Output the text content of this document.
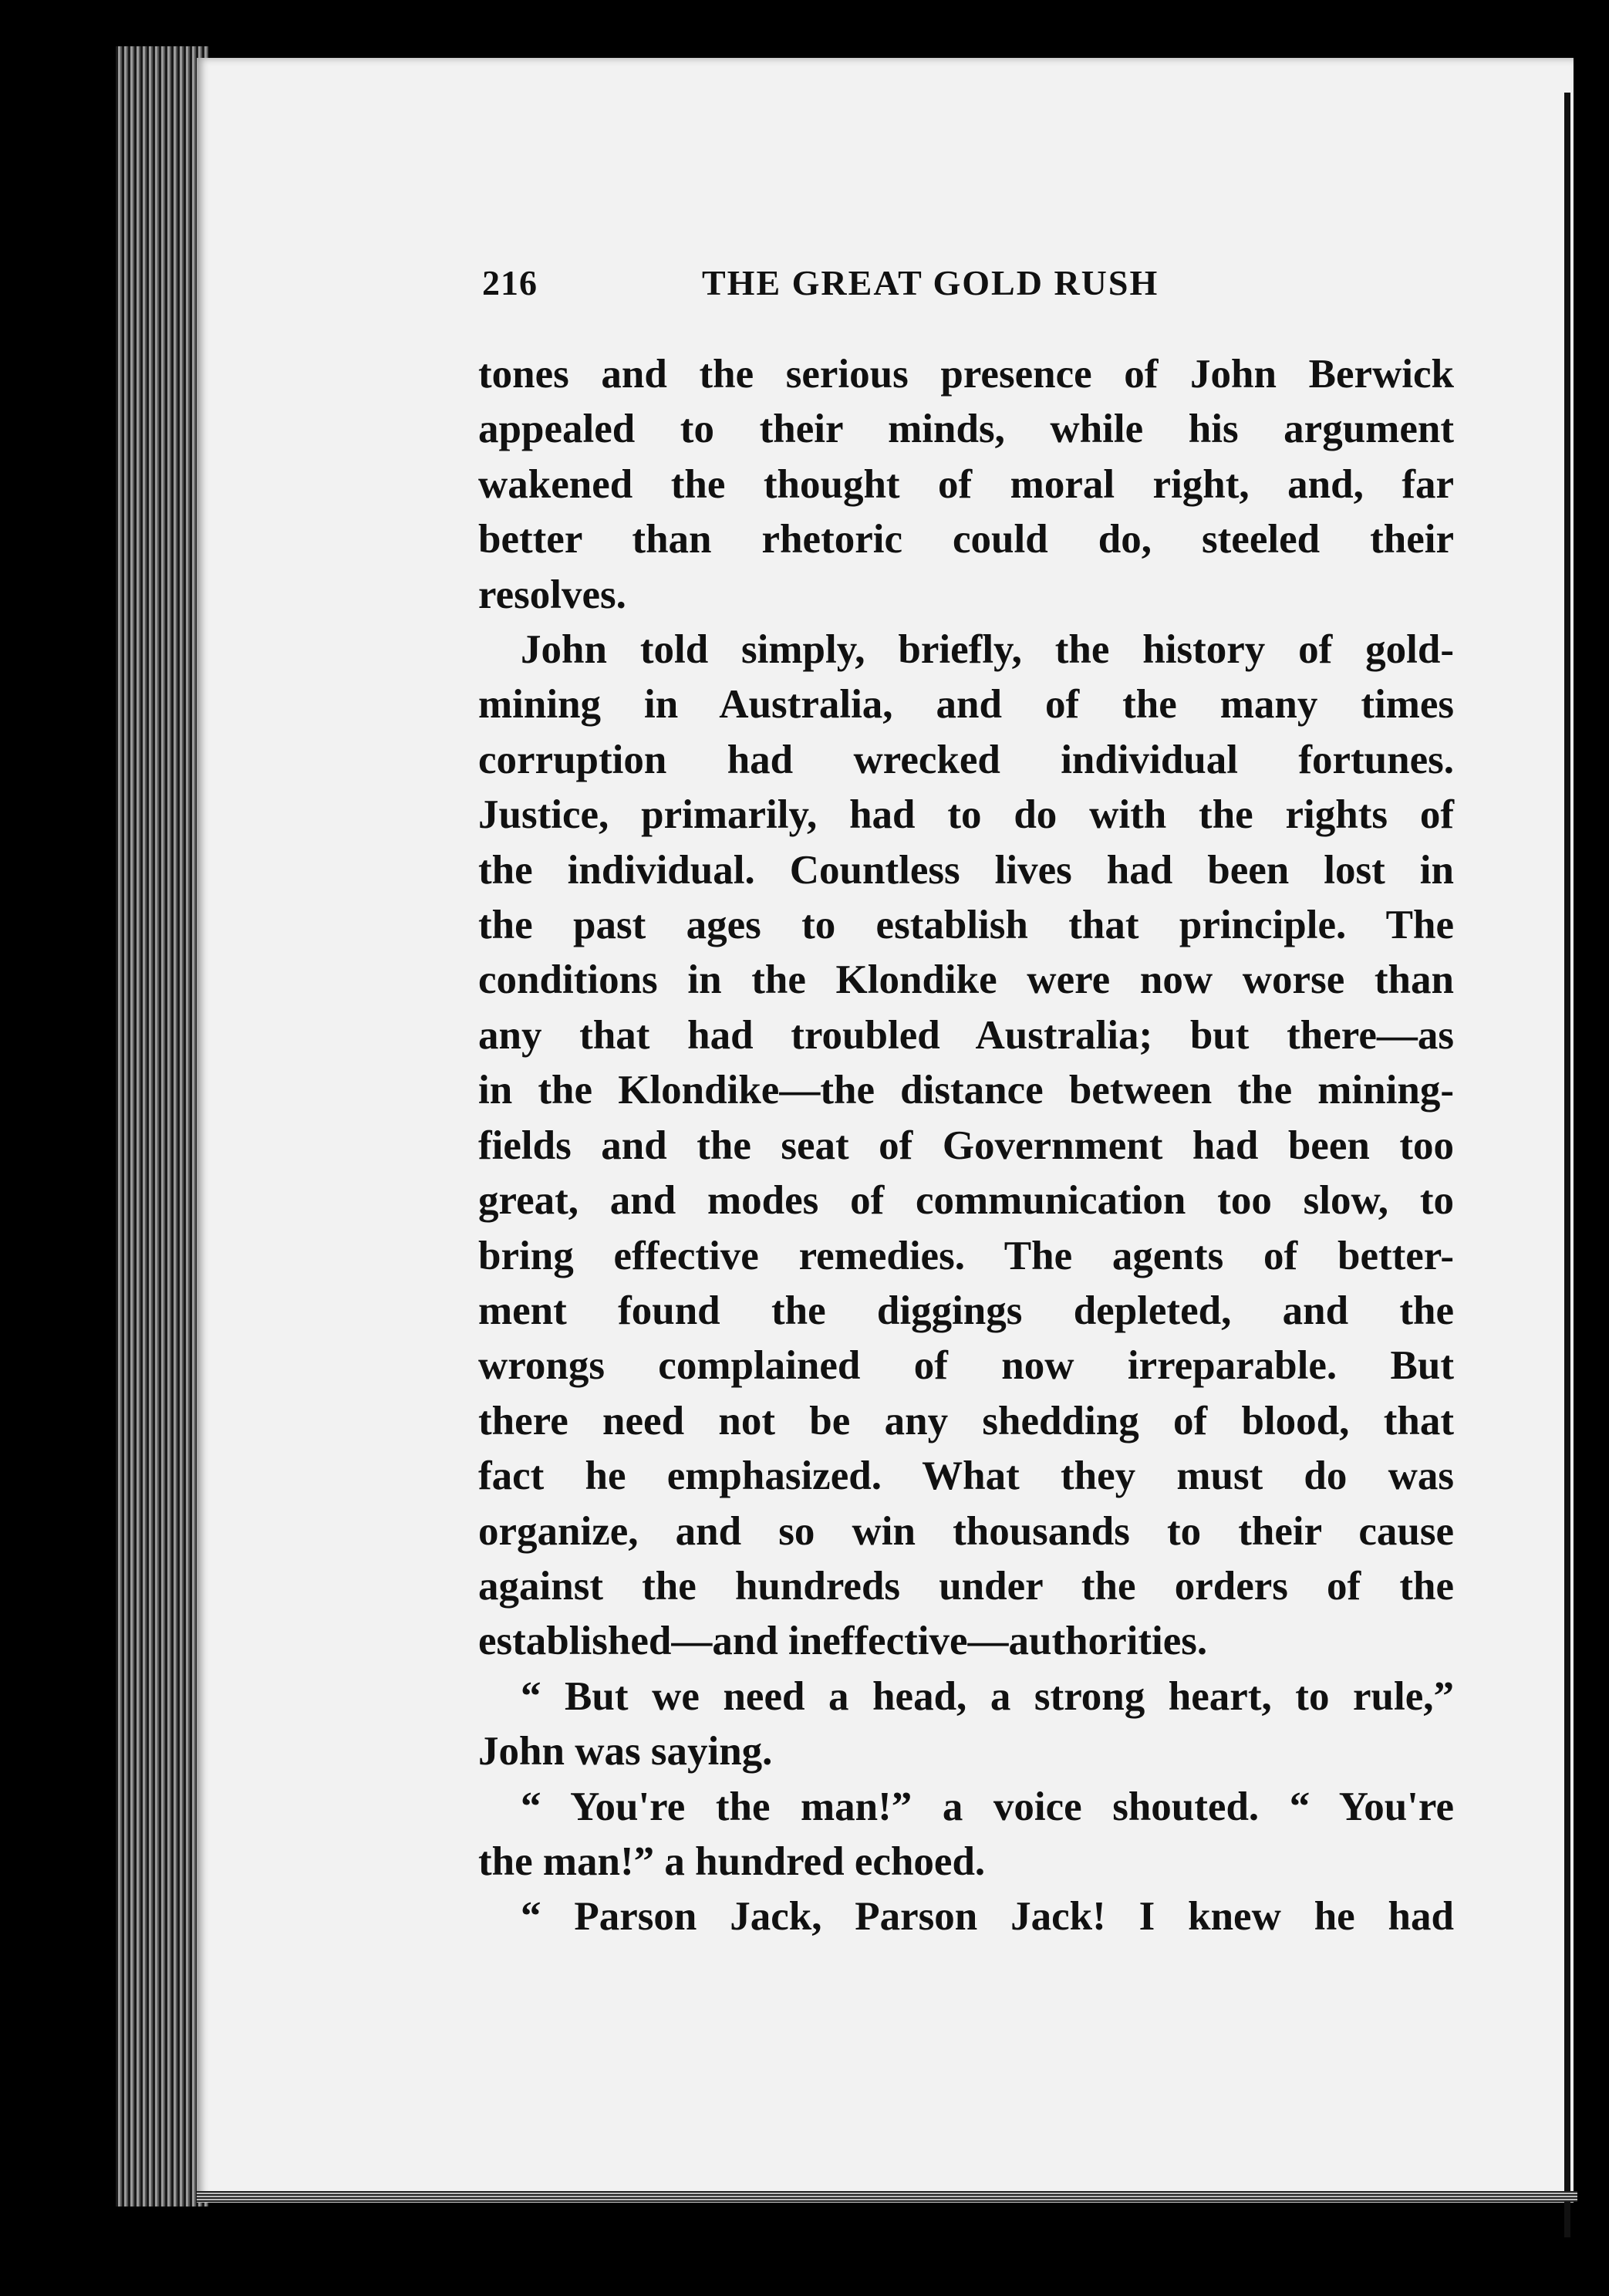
216	THE GREAT GOLD RUSH
tones and the serious presence of John Berwick
appealed to their minds, while his argument
wakened the thought of moral right, and, far
better than rhetoric could do, steeled their
resolves.
John told simply, briefly, the history of gold-
mining in Australia, and of the many times
corruption had wrecked individual fortunes.
Justice, primarily, had to do with the rights of
the individual. Countless lives had been lost in
the past ages to establish that principle. The
conditions in the Klondike were now worse than
any that had troubled Australia; but there—as
in the Klondike—the distance between the mining-
fields and the seat of Government had been too
great, and modes of communication too slow, to
bring effective remedies. The agents of better-
ment found the diggings depleted, and the
wrongs complained of now irreparable. But
there need not be any shedding of blood, that
fact he emphasized. What they must do was
organize, and so win thousands to their cause
against the hundreds under the orders of the
established—and ineffective—authorities.
“ But we need a head, a strong heart, to rule,”
John was saying.
“ You're the man!” a voice shouted. “ You're
the man!” a hundred echoed.
“ Parson Jack, Parson Jack! I knew he had
